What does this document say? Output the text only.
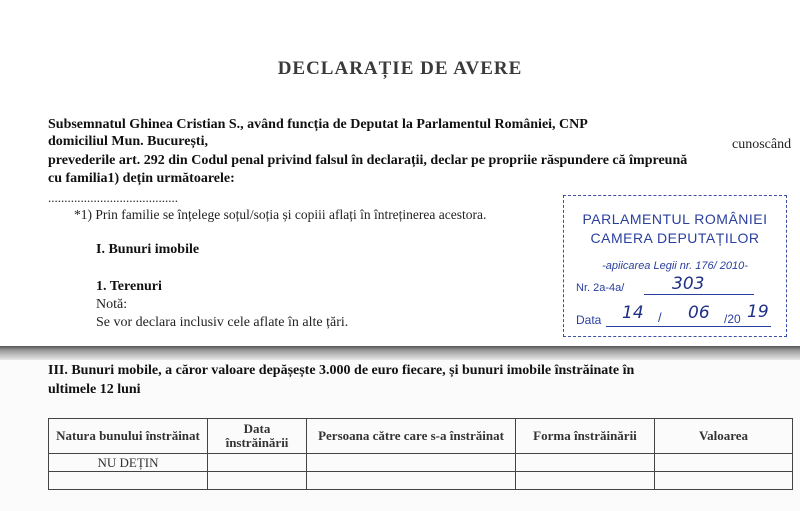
DECLARAȚIE DE AVERE
Subsemnatul Ghinea Cristian S., având funcția de Deputat la Parlamentul României, CNP
domiciliul Mun. București,	cunoscând
prevederile art. 292 din Codul penal privind falsul în declarații, declar pe propriie răspundere că împreună
cu familia1) dețin următoarele:
........................................
*1) Prin familie se înțelege soțul/soția și copiii aflați în întreținerea acestora.
I. Bunuri imobile
1. Terenuri
Notă:
Se vor declara inclusiv cele aflate în alte țări.
PARLAMENTUL ROMÂNIEI
CAMERA DEPUTAȚILOR
-apiicarea Legii nr. 176/ 2010-
Nr. 2a-4a/	303
Data 14 / 06 /20 19
III. Bunuri mobile, a căror valoare depășește 3.000 de euro fiecare, și bunuri imobile înstrăinate în
ultimele 12 luni
Natura bunului înstrăinat	Data înstrăinării	Persoana către care s-a înstrăinat	Forma înstrăinării	Valoarea
NU DEȚIN				
